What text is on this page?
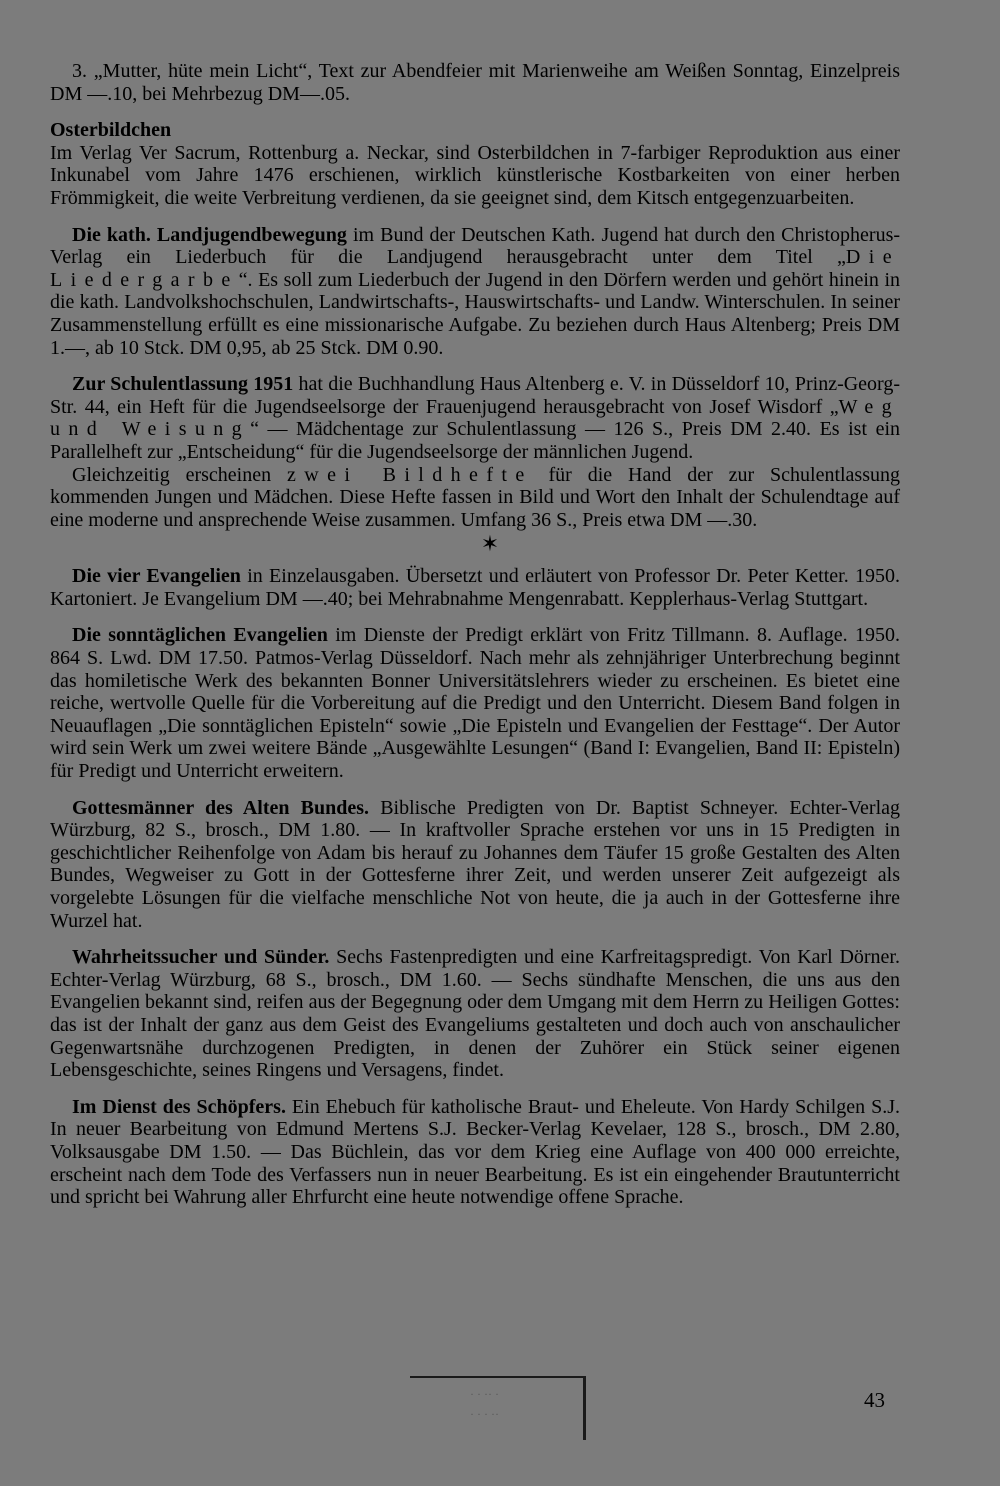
3. „Mutter, hüte mein Licht“, Text zur Abendfeier mit Marienweihe am Weißen Sonntag, Einzelpreis DM —.10, bei Mehrbezug DM—.05.

Osterbildchen
Im Verlag Ver Sacrum, Rottenburg a. Neckar, sind Osterbildchen in 7-farbiger Reproduktion aus einer Inkunabel vom Jahre 1476 erschienen, wirklich künstlerische Kostbarkeiten von einer herben Frömmigkeit, die weite Verbreitung verdienen, da sie geeignet sind, dem Kitsch entgegenzuarbeiten.

Die kath. Landjugendbewegung im Bund der Deutschen Kath. Jugend hat durch den Christopherus-Verlag ein Liederbuch für die Landjugend herausgebracht unter dem Titel „Die Liedergarbe“. Es soll zum Liederbuch der Jugend in den Dörfern werden und gehört hinein in die kath. Landvolkshochschulen, Landwirtschafts-, Hauswirtschafts- und Landw. Winterschulen. In seiner Zusammenstellung erfüllt es eine missionarische Aufgabe. Zu beziehen durch Haus Altenberg; Preis DM 1.—, ab 10 Stck. DM 0,95, ab 25 Stck. DM 0.90.

Zur Schulentlassung 1951 hat die Buchhandlung Haus Altenberg e. V. in Düsseldorf 10, Prinz-Georg-Str. 44, ein Heft für die Jugendseelsorge der Frauenjugend herausgebracht von Josef Wisdorf „Weg und Weisung“ — Mädchentage zur Schulentlassung — 126 S., Preis DM 2.40. Es ist ein Parallelheft zur „Entscheidung“ für die Jugendseelsorge der männlichen Jugend.

Gleichzeitig erscheinen zwei Bildhefte für die Hand der zur Schulentlassung kommenden Jungen und Mädchen. Diese Hefte fassen in Bild und Wort den Inhalt der Schulendtage auf eine moderne und ansprechende Weise zusammen. Umfang 36 S., Preis etwa DM —.30.

✶

Die vier Evangelien in Einzelausgaben. Übersetzt und erläutert von Professor Dr. Peter Ketter. 1950. Kartoniert. Je Evangelium DM —.40; bei Mehrabnahme Mengenrabatt. Kepplerhaus-Verlag Stuttgart.

Die sonntäglichen Evangelien im Dienste der Predigt erklärt von Fritz Tillmann. 8. Auflage. 1950. 864 S. Lwd. DM 17.50. Patmos-Verlag Düsseldorf. Nach mehr als zehnjähriger Unterbrechung beginnt das homiletische Werk des bekannten Bonner Universitätslehrers wieder zu erscheinen. Es bietet eine reiche, wertvolle Quelle für die Vorbereitung auf die Predigt und den Unterricht. Diesem Band folgen in Neuauflagen „Die sonntäglichen Episteln“ sowie „Die Episteln und Evangelien der Festtage“. Der Autor wird sein Werk um zwei weitere Bände „Ausgewählte Lesungen“ (Band I: Evangelien, Band II: Episteln) für Predigt und Unterricht erweitern.

Gottesmänner des Alten Bundes. Biblische Predigten von Dr. Baptist Schneyer. Echter-Verlag Würzburg, 82 S., brosch., DM 1.80. — In kraftvoller Sprache erstehen vor uns in 15 Predigten in geschichtlicher Reihenfolge von Adam bis herauf zu Johannes dem Täufer 15 große Gestalten des Alten Bundes, Wegweiser zu Gott in der Gottesferne ihrer Zeit, und werden unserer Zeit aufgezeigt als vorgelebte Lösungen für die vielfache menschliche Not von heute, die ja auch in der Gottesferne ihre Wurzel hat.

Wahrheitssucher und Sünder. Sechs Fastenpredigten und eine Karfreitagspredigt. Von Karl Dörner. Echter-Verlag Würzburg, 68 S., brosch., DM 1.60. — Sechs sündhafte Menschen, die uns aus den Evangelien bekannt sind, reifen aus der Begegnung oder dem Umgang mit dem Herrn zu Heiligen Gottes: das ist der Inhalt der ganz aus dem Geist des Evangeliums gestalteten und doch auch von anschaulicher Gegenwartsnähe durchzogenen Predigten, in denen der Zuhörer ein Stück seiner eigenen Lebensgeschichte, seines Ringens und Versagens, findet.

Im Dienst des Schöpfers. Ein Ehebuch für katholische Braut- und Eheleute. Von Hardy Schilgen S.J. In neuer Bearbeitung von Edmund Mertens S.J. Becker-Verlag Kevelaer, 128 S., brosch., DM 2.80, Volksausgabe DM 1.50. — Das Büchlein, das vor dem Krieg eine Auflage von 400 000 erreichte, erscheint nach dem Tode des Verfassers nun in neuer Bearbeitung. Es ist ein eingehender Brautunterricht und spricht bei Wahrung aller Ehrfurcht eine heute notwendige offene Sprache.

· · ·· ·
· · · ··
43
